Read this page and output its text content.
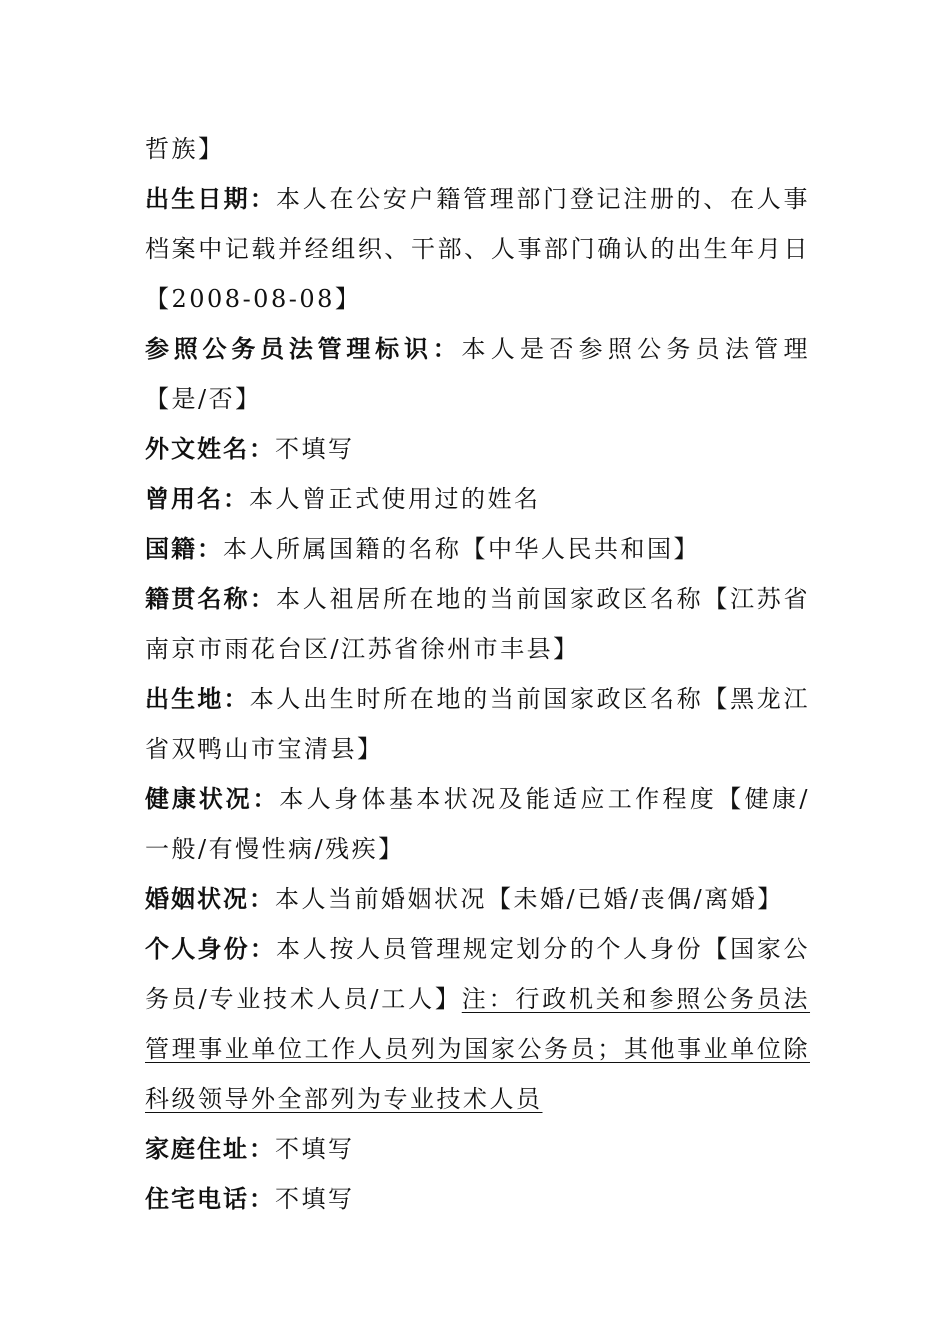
哲族】

出生日期：本人在公安户籍管理部门登记注册的、在人事档案中记载并经组织、干部、人事部门确认的出生年月日【2008-08-08】

参照公务员法管理标识：本人是否参照公务员法管理【是/否】

外文姓名：不填写

曾用名：本人曾正式使用过的姓名

国籍：本人所属国籍的名称【中华人民共和国】

籍贯名称：本人祖居所在地的当前国家政区名称【江苏省南京市雨花台区/江苏省徐州市丰县】

出生地：本人出生时所在地的当前国家政区名称【黑龙江省双鸭山市宝清县】

健康状况：本人身体基本状况及能适应工作程度【健康/一般/有慢性病/残疾】

婚姻状况：本人当前婚姻状况【未婚/已婚/丧偶/离婚】

个人身份：本人按人员管理规定划分的个人身份【国家公务员/专业技术人员/工人】注：行政机关和参照公务员法管理事业单位工作人员列为国家公务员；其他事业单位除科级领导外全部列为专业技术人员

家庭住址：不填写

住宅电话：不填写
